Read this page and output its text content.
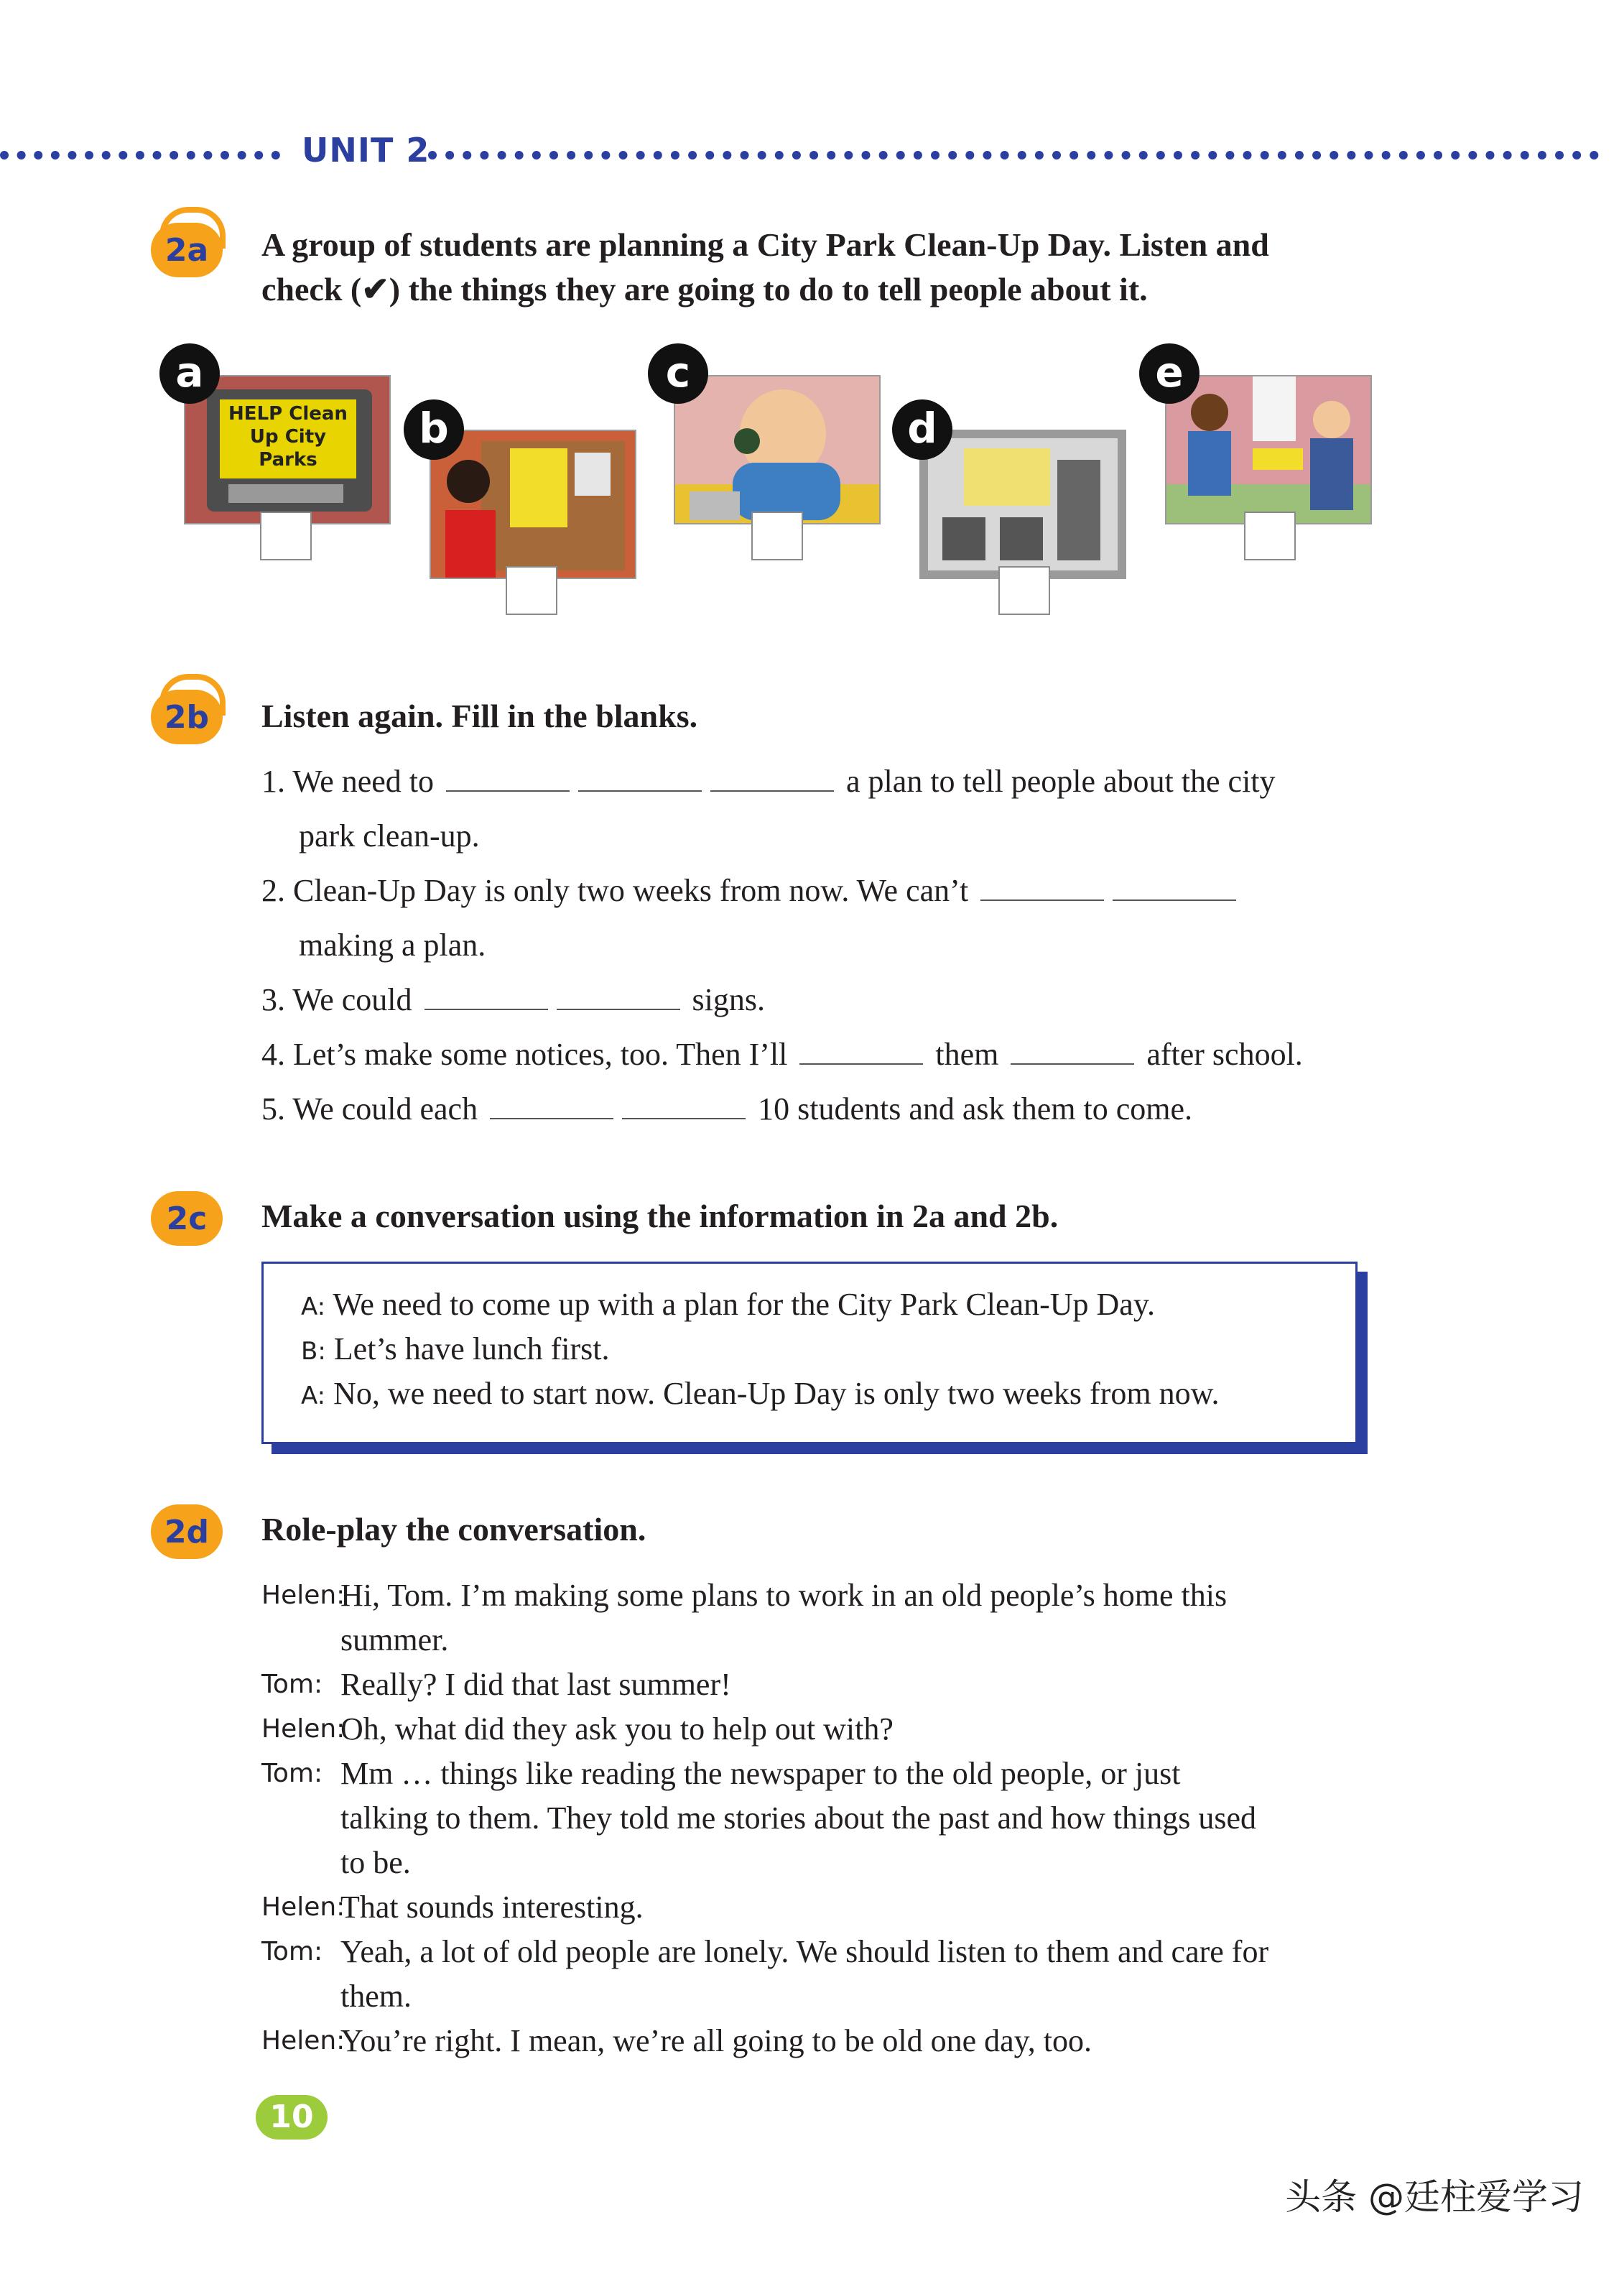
UNIT 2
2a	A group of students are planning a City Park Clean-Up Day. Listen and
check (✔) the things they are going to do to tell people about it.
HELP Clean Up City Parks
a
b
c
d
e
2b	Listen again. Fill in the blanks.
1. We need to	a plan to tell people about the city
park clean-up.
2. Clean-Up Day is only two weeks from now. We can’t
making a plan.
3. We could	signs.
4. Let’s make some notices, too. Then I’ll	them	after school.
5. We could each	10 students and ask them to come.
2c	Make a conversation using the information in 2a and 2b.
A: We need to come up with a plan for the City Park Clean-Up Day.
B: Let’s have lunch first.
A: No, we need to start now. Clean-Up Day is only two weeks from now.
2d	Role-play the conversation.
Helen:
Hi, Tom. I’m making some plans to work in an old people’s home this
summer.
Tom: Really? I did that last summer!
Helen:
Oh, what did they ask you to help out with?
Tom: Mm … things like reading the newspaper to the old people, or just
talking to them. They told me stories about the past and how things used
to be.
Helen:
That sounds interesting.
Tom: Yeah, a lot of old people are lonely. We should listen to them and care for
them.
Helen:
You’re right. I mean, we’re all going to be old one day, too.
10
头条 @廷柱爱学习
